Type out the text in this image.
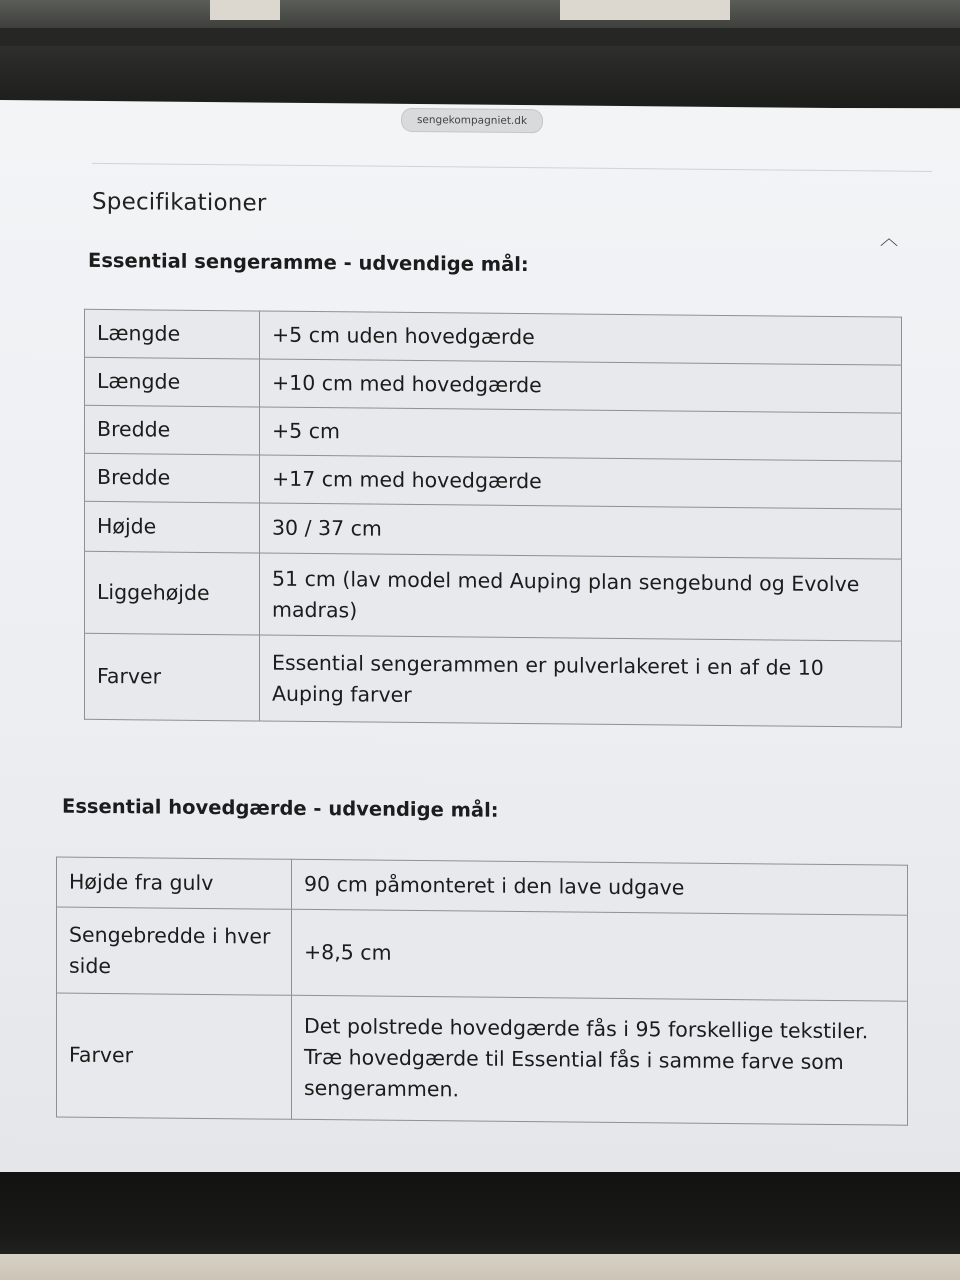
sengekompagniet.dk
Specifikationer
︿
Essential sengeramme - udvendige mål:
Længde	+5 cm uden hovedgærde
Længde	+10 cm med hovedgærde
Bredde	+5 cm
Bredde	+17 cm med hovedgærde
Højde	30 / 37 cm
Liggehøjde	51 cm (lav model med Auping plan sengebund og Evolve madras)
Farver	Essential sengerammen er pulverlakeret i en af de 10 Auping farver
Essential hovedgærde - udvendige mål:
Højde fra gulv	90 cm påmonteret i den lave udgave
Sengebredde i hver side	+8,5 cm
Farver	Det polstrede hovedgærde fås i 95 forskellige tekstiler. Træ hovedgærde til Essential fås i samme farve som sengerammen.
